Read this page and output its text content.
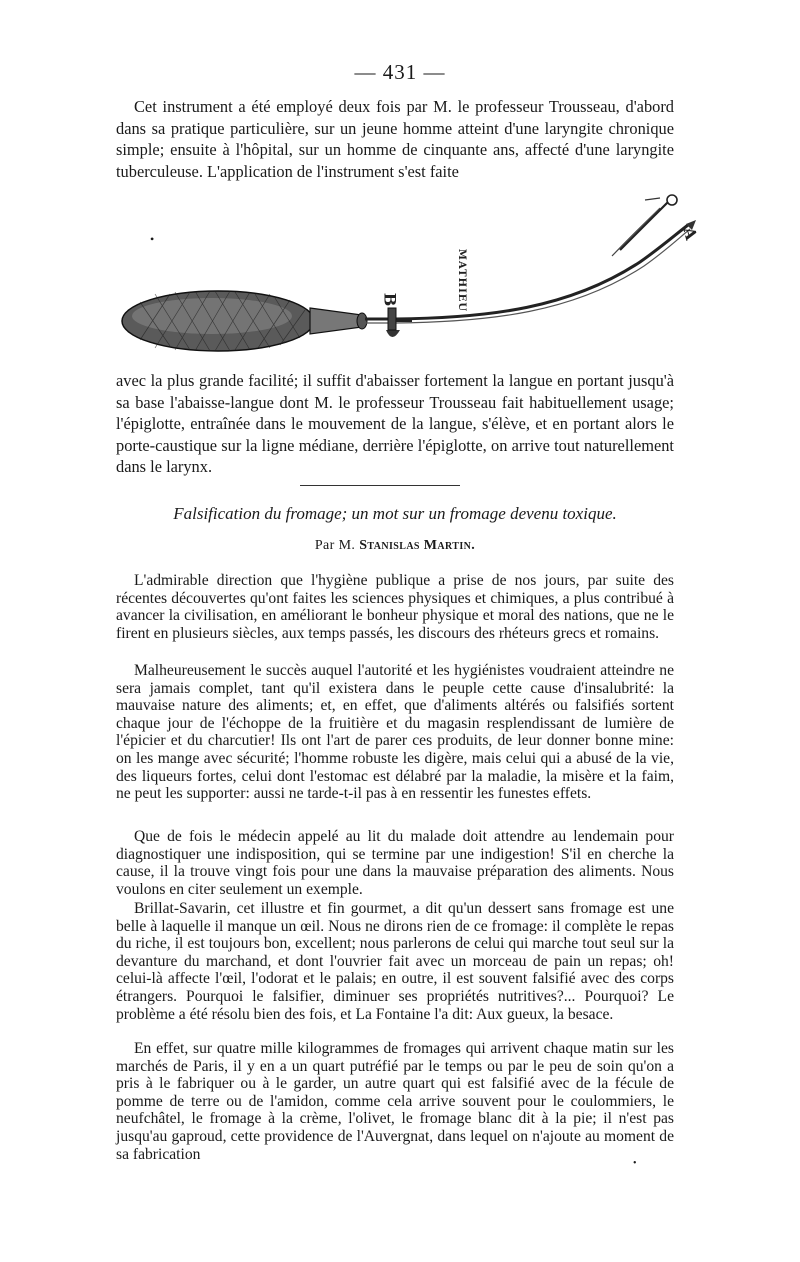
— 431 —

Cet instrument a été employé deux fois par M. le professeur Trousseau, d'abord dans sa pratique particulière, sur un jeune homme atteint d'une laryngite chronique simple; ensuite à l'hôpital, sur un homme de cinquante ans, affecté d'une laryngite tuberculeuse. L'application de l'instrument s'est faite

A
B	MATHIEU
•

avec la plus grande facilité; il suffit d'abaisser fortement la langue en portant jusqu'à sa base l'abaisse-langue dont M. le professeur Trousseau fait habituellement usage; l'épiglotte, entraînée dans le mouvement de la langue, s'élève, et en portant alors le porte-caustique sur la ligne médiane, derrière l'épiglotte, on arrive tout naturellement dans le larynx.

Falsification du fromage; un mot sur un fromage devenu toxique.
Par M. Stanislas Martin.

L'admirable direction que l'hygiène publique a prise de nos jours, par suite des récentes découvertes qu'ont faites les sciences physiques et chimiques, a plus contribué à avancer la civilisation, en améliorant le bonheur physique et moral des nations, que ne le firent en plusieurs siècles, aux temps passés, les discours des rhéteurs grecs et romains.

Malheureusement le succès auquel l'autorité et les hygiénistes voudraient atteindre ne sera jamais complet, tant qu'il existera dans le peuple cette cause d'insalubrité: la mauvaise nature des aliments; et, en effet, que d'aliments altérés ou falsifiés sortent chaque jour de l'échoppe de la fruitière et du magasin resplendissant de lumière de l'épicier et du charcutier! Ils ont l'art de parer ces produits, de leur donner bonne mine: on les mange avec sécurité; l'homme robuste les digère, mais celui qui a abusé de la vie, des liqueurs fortes, celui dont l'estomac est délabré par la maladie, la misère et la faim, ne peut les supporter: aussi ne tarde-t-il pas à en ressentir les funestes effets.

Que de fois le médecin appelé au lit du malade doit attendre au lendemain pour diagnostiquer une indisposition, qui se termine par une indigestion! S'il en cherche la cause, il la trouve vingt fois pour une dans la mauvaise préparation des aliments. Nous voulons en citer seulement un exemple.

Brillat-Savarin, cet illustre et fin gourmet, a dit qu'un dessert sans fromage est une belle à laquelle il manque un œil. Nous ne dirons rien de ce fromage: il complète le repas du riche, il est toujours bon, excellent; nous parlerons de celui qui marche tout seul sur la devanture du marchand, et dont l'ouvrier fait avec un morceau de pain un repas; oh! celui-là affecte l'œil, l'odorat et le palais; en outre, il est souvent falsifié avec des corps étrangers. Pourquoi le falsifier, diminuer ses propriétés nutritives?... Pourquoi? Le problème a été résolu bien des fois, et La Fontaine l'a dit: Aux gueux, la besace.

En effet, sur quatre mille kilogrammes de fromages qui arrivent chaque matin sur les marchés de Paris, il y en a un quart putréfié par le temps ou par le peu de soin qu'on a pris à le fabriquer ou à le garder, un autre quart qui est falsifié avec de la fécule de pomme de terre ou de l'amidon, comme cela arrive souvent pour le coulommiers, le neufchâtel, le fromage à la crème, l'olivet, le fromage blanc dit à la pie; il n'est pas jusqu'au gaproud, cette providence de l'Auvergnat, dans lequel on n'ajoute au moment de sa fabrication

•
